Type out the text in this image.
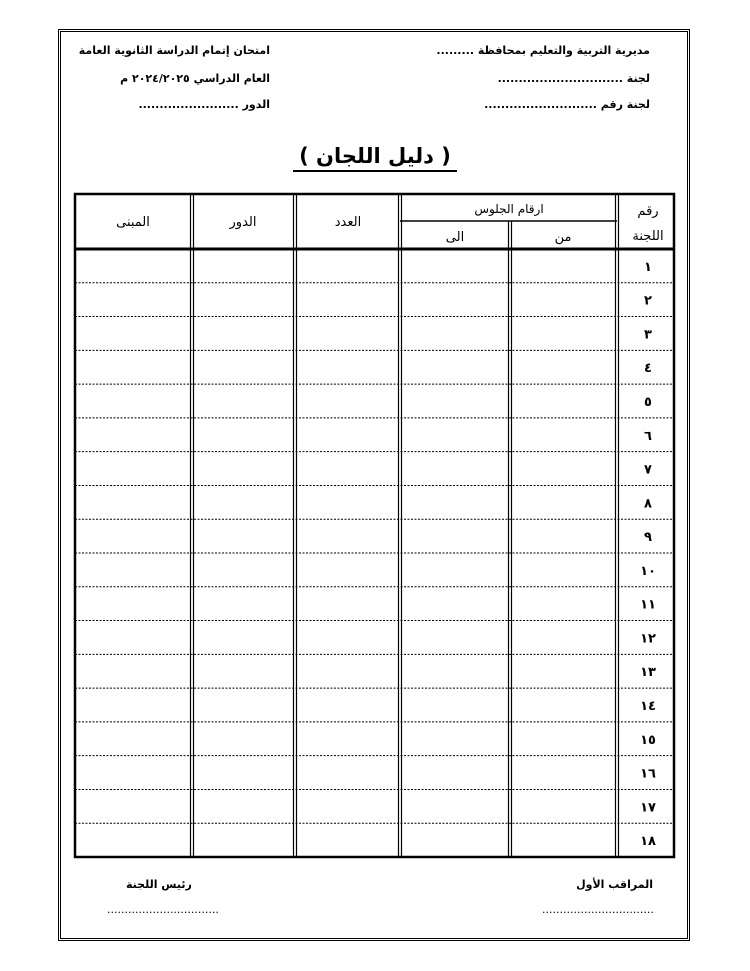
مديرية التربية والتعليم بمحافظة .........
لجنة ..............................
لجنة رقم ...........................
امتحان إتمام الدراسة الثانوية العامة
العام الدراسي ٢٠٢٤/٢٠٢٥ م
الدور ........................
( دليل اللجان )
رقم
اللجنة
ارقام الجلوس
من
الى
العدد
الدور
المبنى
١
٢
٣
٤
٥
٦
٧
٨
٩
١٠
١١
١٢
١٣
١٤
١٥
١٦
١٧
١٨
المراقب الأول
رئيس اللجنة
................................
................................
